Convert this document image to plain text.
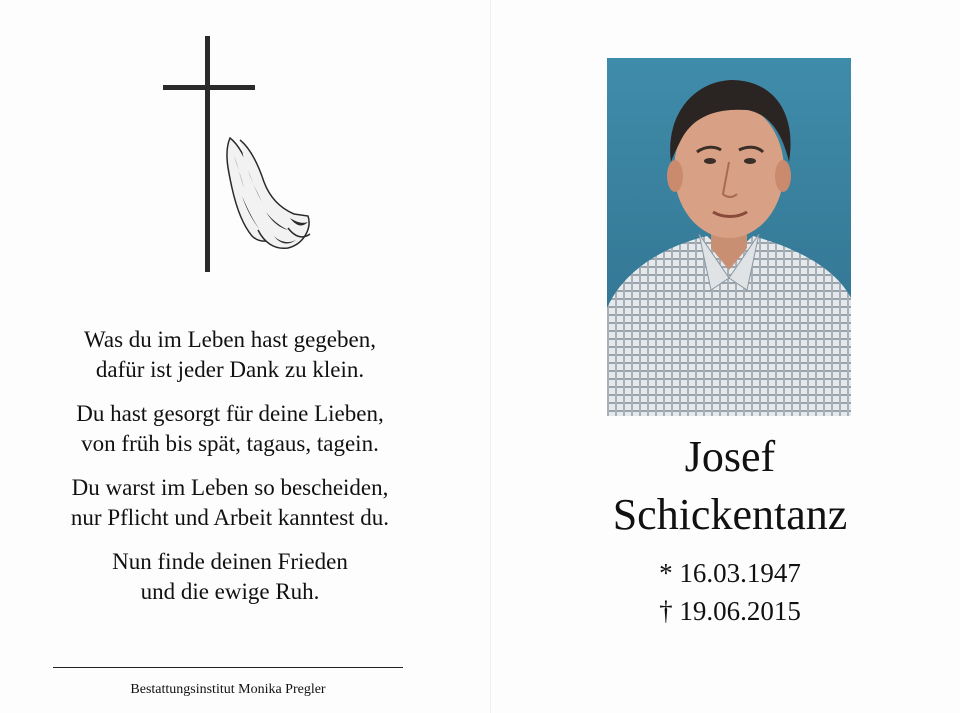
Was du im Leben hast gegeben,
dafür ist jeder Dank zu klein.
Du hast gesorgt für deine Lieben,
von früh bis spät, tagaus, tagein.
Du warst im Leben so bescheiden,
nur Pflicht und Arbeit kanntest du.
Nun finde deinen Frieden
und die ewige Ruh.
Bestattungsinstitut Monika Pregler
Josef
Schickentanz
* 16.03.1947
† 19.06.2015
